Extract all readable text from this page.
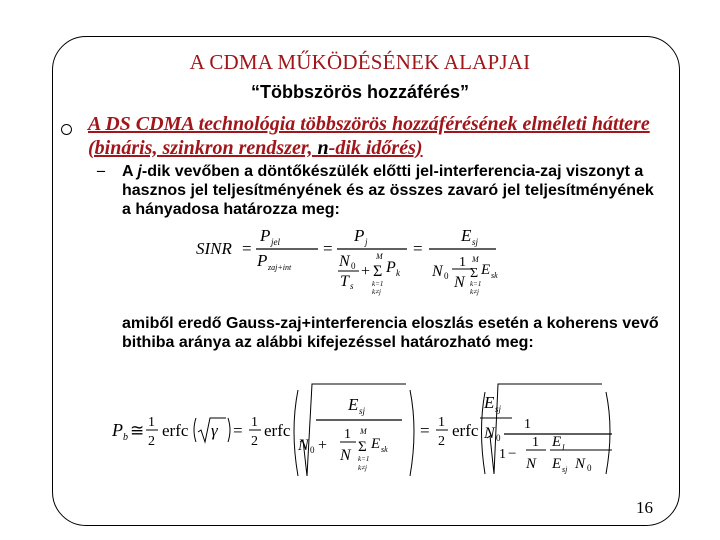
A CDMA MŰKÖDÉSÉNEK ALAPJAI
“Többszörös hozzáférés”
A DS CDMA technológia többszörös hozzáférésének elméleti háttere (bináris, szinkron rendszer, n-dik időrés)
– A j-dik vevőben a döntőkészülék előtti jel-interferencia-zaj viszonyt a hasznos jel teljesítményének és az összes zavaró jel teljesítményének a hányadosa határozza meg:
SINR =
P jel
P zaj+int
=
P j
N 0
T s
+
M
Σ
k=1
k≠j
P k
=
E sj
1
N 0 N
M
Σ
k=1
k≠j
E sk
amiből eredő Gauss-zaj+interferencia eloszlás esetén a koherens vevő bithiba aránya az alábbi kifejezéssel határozható meg:
P b ≅ 1
2
erfc γ = 1
2
erfc
E sj
1
N 0 +
N
M
Σ
k=1
k≠j
E sk
= 1
2
erfc
E sj
N 0
1
1 −
1
N
E I
E sj N 0
16
